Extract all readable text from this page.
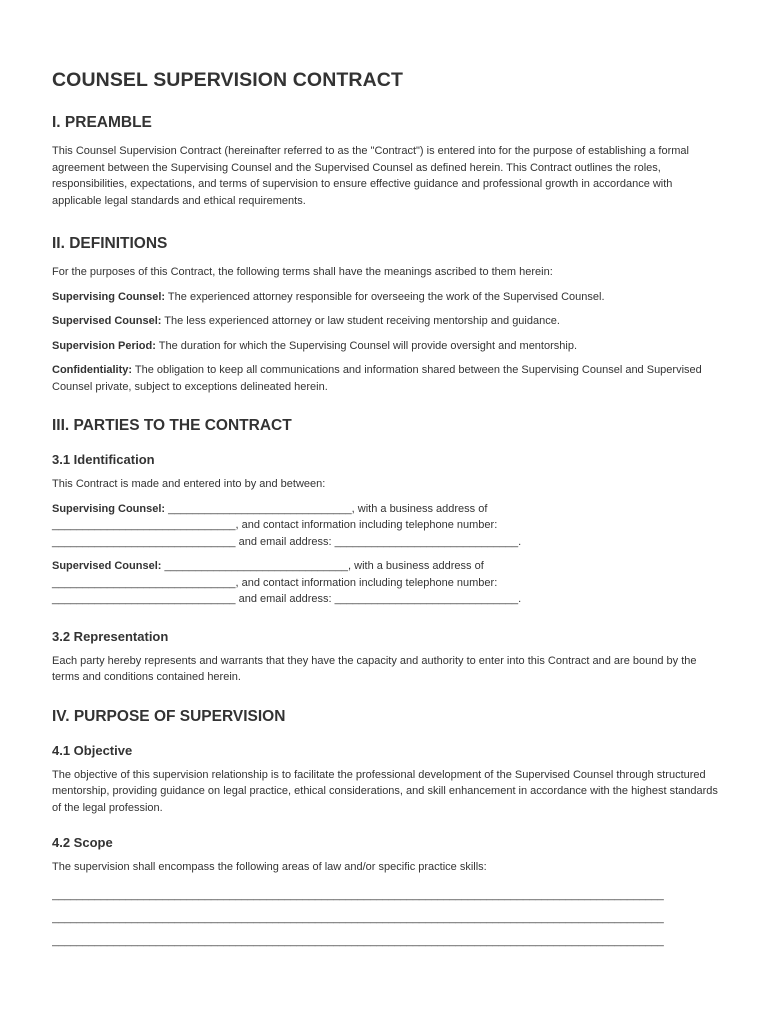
COUNSEL SUPERVISION CONTRACT
I. PREAMBLE

This Counsel Supervision Contract (hereinafter referred to as the "Contract") is entered into for the purpose of establishing a formal agreement between the Supervising Counsel and the Supervised Counsel as defined herein. This Contract outlines the roles, responsibilities, expectations, and terms of supervision to ensure effective guidance and professional growth in accordance with applicable legal standards and ethical requirements.

II. DEFINITIONS

For the purposes of this Contract, the following terms shall have the meanings ascribed to them herein:

Supervising Counsel: The experienced attorney responsible for overseeing the work of the Supervised Counsel.

Supervised Counsel: The less experienced attorney or law student receiving mentorship and guidance.

Supervision Period: The duration for which the Supervising Counsel will provide oversight and mentorship.

Confidentiality: The obligation to keep all communications and information shared between the Supervising Counsel and Supervised Counsel private, subject to exceptions delineated herein.

III. PARTIES TO THE CONTRACT
3.1 Identification

This Contract is made and entered into by and between:

Supervising Counsel: ______________________________, with a business address of

______________________________, and contact information including telephone number:

______________________________ and email address: ______________________________.

Supervised Counsel: ______________________________, with a business address of

______________________________, and contact information including telephone number:

______________________________ and email address: ______________________________.

3.2 Representation

Each party hereby represents and warrants that they have the capacity and authority to enter into this Contract and are bound by the terms and conditions contained herein.

IV. PURPOSE OF SUPERVISION
4.1 Objective

The objective of this supervision relationship is to facilitate the professional development of the Supervised Counsel through structured mentorship, providing guidance on legal practice, ethical considerations, and skill enhancement in accordance with the highest standards of the legal profession.

4.2 Scope

The supervision shall encompass the following areas of law and/or specific practice skills:

____________________________________________________________________________________________________

____________________________________________________________________________________________________

____________________________________________________________________________________________________
